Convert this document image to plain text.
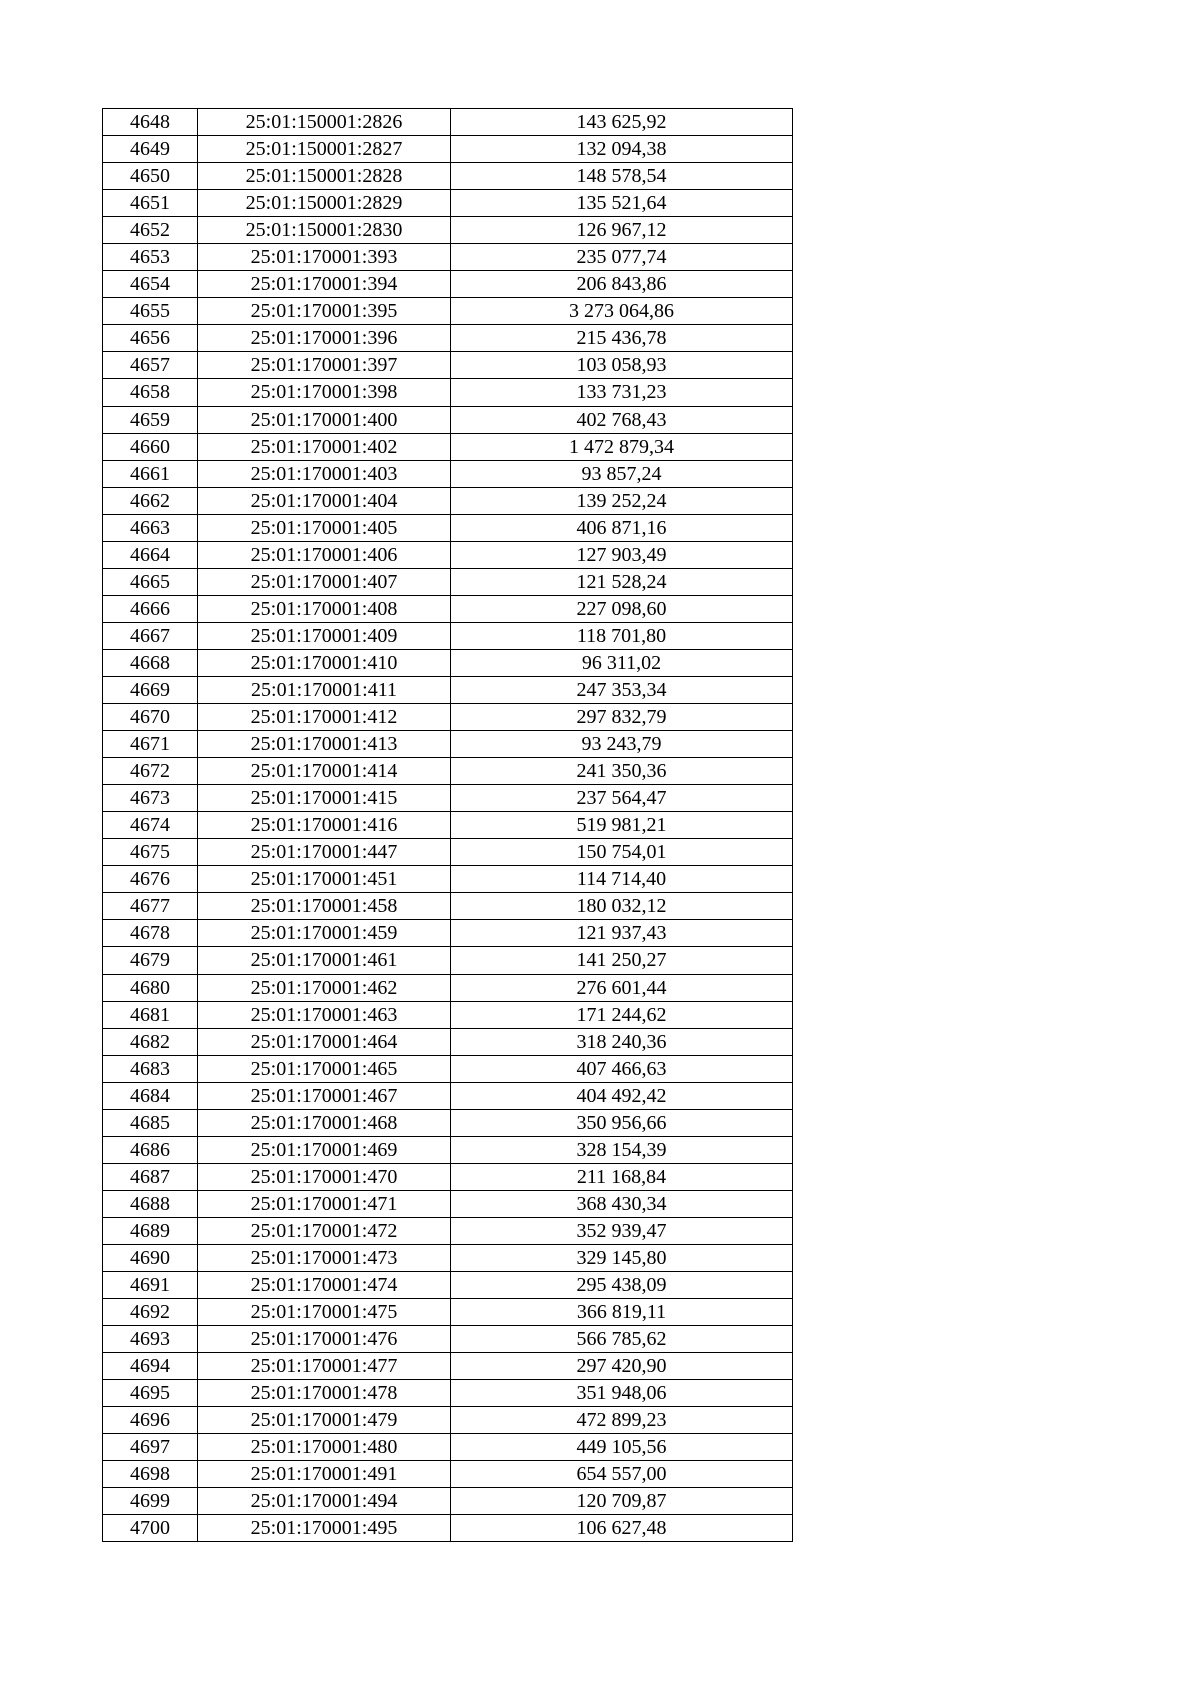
4648	25:01:150001:2826	143 625,92
4649	25:01:150001:2827	132 094,38
4650	25:01:150001:2828	148 578,54
4651	25:01:150001:2829	135 521,64
4652	25:01:150001:2830	126 967,12
4653	25:01:170001:393	235 077,74
4654	25:01:170001:394	206 843,86
4655	25:01:170001:395	3 273 064,86
4656	25:01:170001:396	215 436,78
4657	25:01:170001:397	103 058,93
4658	25:01:170001:398	133 731,23
4659	25:01:170001:400	402 768,43
4660	25:01:170001:402	1 472 879,34
4661	25:01:170001:403	93 857,24
4662	25:01:170001:404	139 252,24
4663	25:01:170001:405	406 871,16
4664	25:01:170001:406	127 903,49
4665	25:01:170001:407	121 528,24
4666	25:01:170001:408	227 098,60
4667	25:01:170001:409	118 701,80
4668	25:01:170001:410	96 311,02
4669	25:01:170001:411	247 353,34
4670	25:01:170001:412	297 832,79
4671	25:01:170001:413	93 243,79
4672	25:01:170001:414	241 350,36
4673	25:01:170001:415	237 564,47
4674	25:01:170001:416	519 981,21
4675	25:01:170001:447	150 754,01
4676	25:01:170001:451	114 714,40
4677	25:01:170001:458	180 032,12
4678	25:01:170001:459	121 937,43
4679	25:01:170001:461	141 250,27
4680	25:01:170001:462	276 601,44
4681	25:01:170001:463	171 244,62
4682	25:01:170001:464	318 240,36
4683	25:01:170001:465	407 466,63
4684	25:01:170001:467	404 492,42
4685	25:01:170001:468	350 956,66
4686	25:01:170001:469	328 154,39
4687	25:01:170001:470	211 168,84
4688	25:01:170001:471	368 430,34
4689	25:01:170001:472	352 939,47
4690	25:01:170001:473	329 145,80
4691	25:01:170001:474	295 438,09
4692	25:01:170001:475	366 819,11
4693	25:01:170001:476	566 785,62
4694	25:01:170001:477	297 420,90
4695	25:01:170001:478	351 948,06
4696	25:01:170001:479	472 899,23
4697	25:01:170001:480	449 105,56
4698	25:01:170001:491	654 557,00
4699	25:01:170001:494	120 709,87
4700	25:01:170001:495	106 627,48
